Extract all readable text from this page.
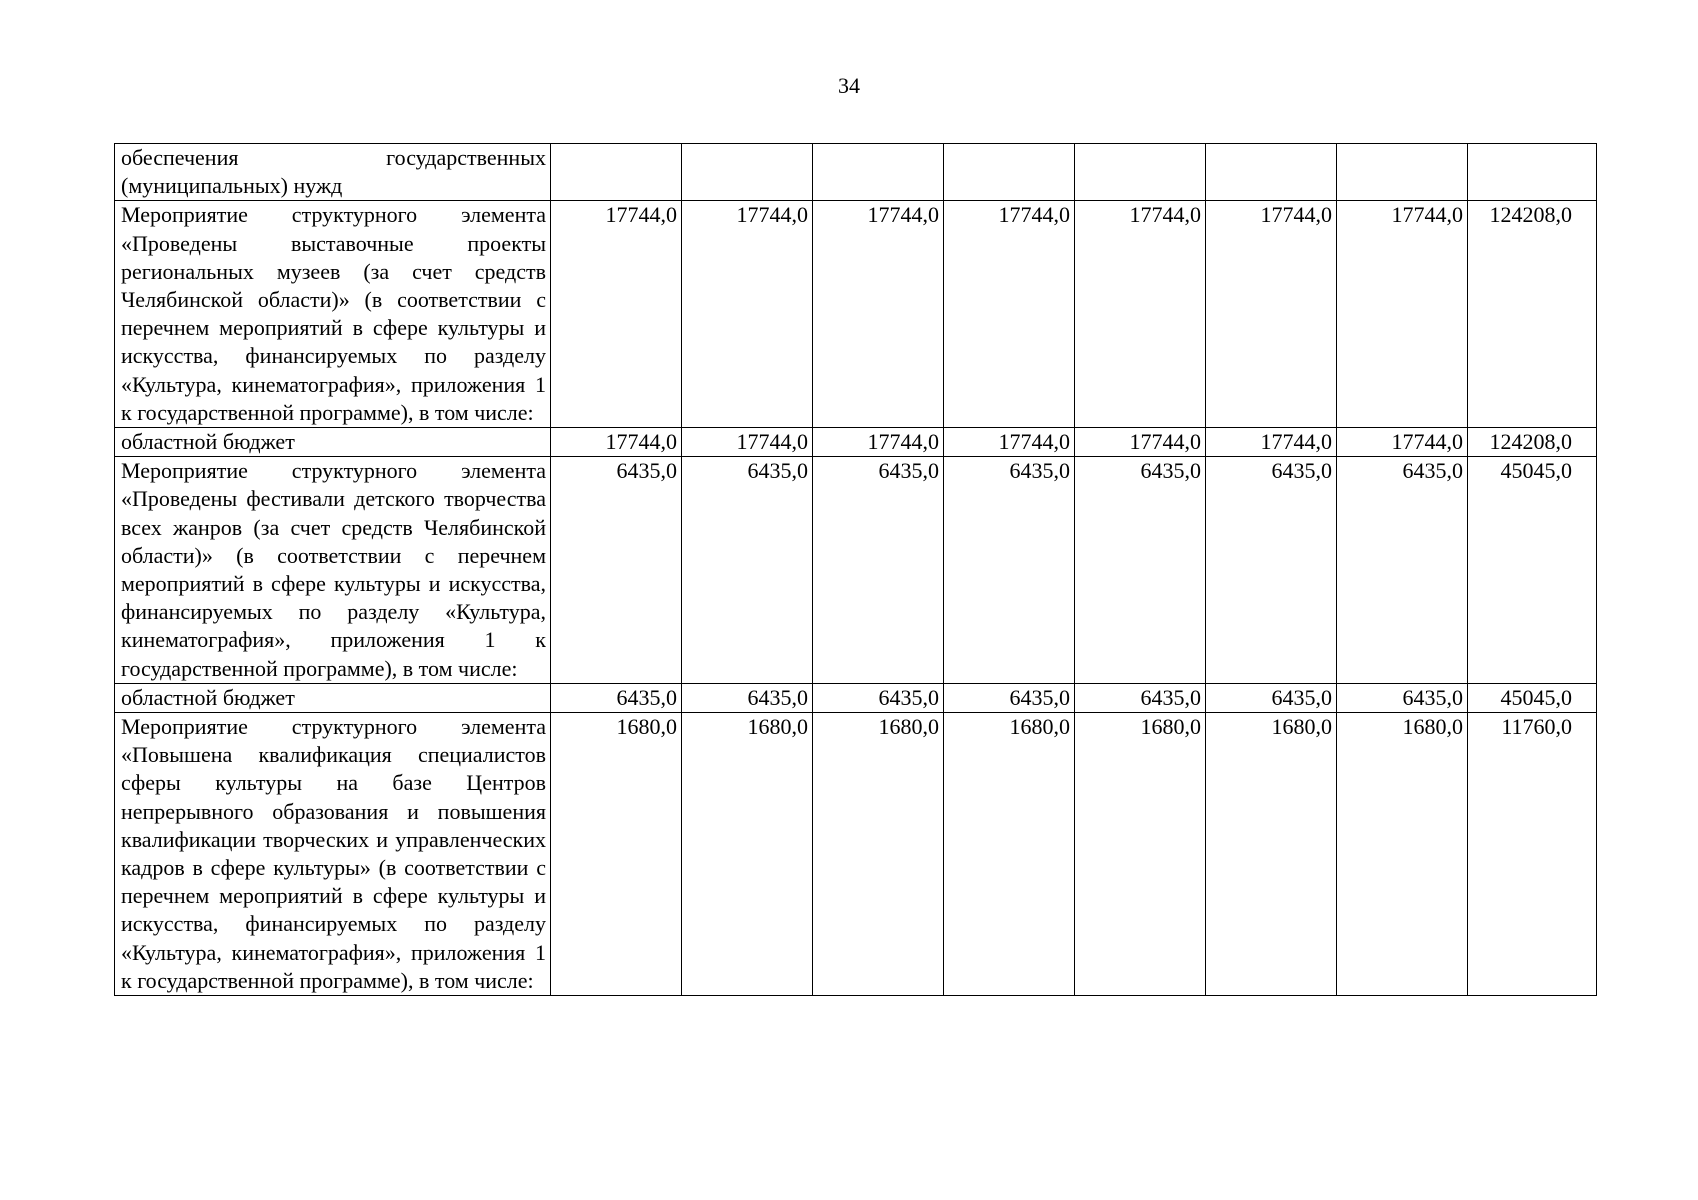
34
обеспечения государственных (муниципальных) нужд								
Мероприятие структурного элемента «Проведены выставочные проекты региональных музеев (за счет средств Челябинской области)» (в соответствии с перечнем мероприятий в сфере культуры и искусства, финансируемых по разделу «Культура, кинематография», приложения 1 к государственной программе), в том числе:	17744,0	17744,0	17744,0	17744,0	17744,0	17744,0	17744,0	124208,0
областной бюджет	17744,0	17744,0	17744,0	17744,0	17744,0	17744,0	17744,0	124208,0
Мероприятие структурного элемента «Проведены фестивали детского творчества всех жанров (за счет средств Челябинской области)» (в соответствии с перечнем мероприятий в сфере культуры и искусства, финансируемых по разделу «Культура, кинематография», приложения 1 к государственной программе), в том числе:	6435,0	6435,0	6435,0	6435,0	6435,0	6435,0	6435,0	45045,0
областной бюджет	6435,0	6435,0	6435,0	6435,0	6435,0	6435,0	6435,0	45045,0
Мероприятие структурного элемента «Повышена квалификация специалистов сферы культуры на базе Центров непрерывного образования и повышения квалификации творческих и управленческих кадров в сфере культуры» (в соответствии с перечнем мероприятий в сфере культуры и искусства, финансируемых по разделу «Культура, кинематография», приложения 1 к государственной программе), в том числе:	1680,0	1680,0	1680,0	1680,0	1680,0	1680,0	1680,0	11760,0
